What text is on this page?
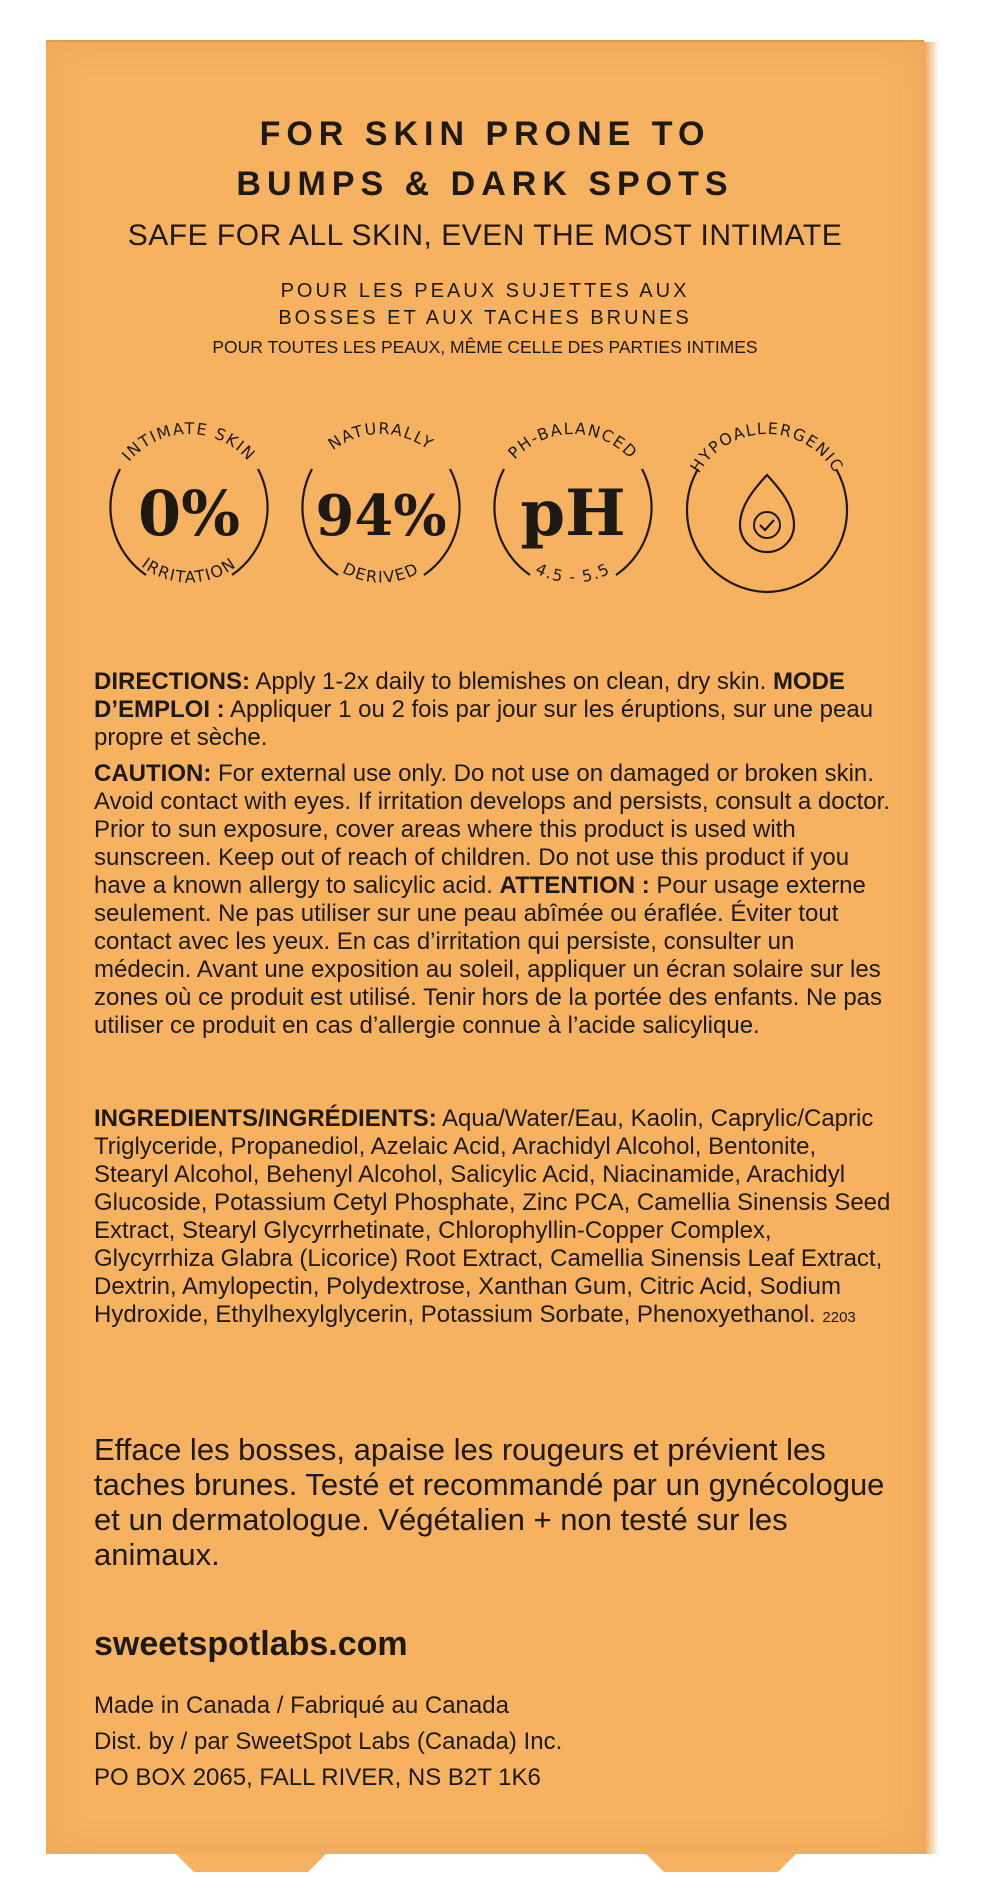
FOR SKIN PRONE TO
BUMPS & DARK SPOTS
SAFE FOR ALL SKIN, EVEN THE MOST INTIMATE
POUR LES PEAUX SUJETTES AUX
BOSSES ET AUX TACHES BRUNES
POUR TOUTES LES PEAUX, MÊME CELLE DES PARTIES INTIMES
INTIMATE SKIN
0%
IRRITATION
NATURALLY
94%
DERIVED
PH-BALANCED
pH
4.5 - 5.5
HYPOALLERGENIC
DIRECTIONS: Apply 1-2x daily to blemishes on clean, dry skin. MODE D’EMPLOI : Appliquer 1 ou 2 fois par jour sur les éruptions, sur une peau propre et sèche.
CAUTION: For external use only. Do not use on damaged or broken skin. Avoid contact with eyes. If irritation develops and persists, consult a doctor. Prior to sun exposure, cover areas where this product is used with sunscreen. Keep out of reach of children. Do not use this product if you have a known allergy to salicylic acid. ATTENTION : Pour usage externe seulement. Ne pas utiliser sur une peau abîmée ou éraflée. Éviter tout contact avec les yeux. En cas d’irritation qui persiste, consulter un médecin. Avant une exposition au soleil, appliquer un écran solaire sur les zones où ce produit est utilisé. Tenir hors de la portée des enfants. Ne pas utiliser ce produit en cas d’allergie connue à l’acide salicylique.
INGREDIENTS/INGRÉDIENTS: Aqua/Water/Eau, Kaolin, Caprylic/Capric Triglyceride, Propanediol, Azelaic Acid, Arachidyl Alcohol, Bentonite, Stearyl Alcohol, Behenyl Alcohol, Salicylic Acid, Niacinamide, Arachidyl Glucoside, Potassium Cetyl Phosphate, Zinc PCA, Camellia Sinensis Seed Extract, Stearyl Glycyrrhetinate, Chlorophyllin-Copper Complex, Glycyrrhiza Glabra (Licorice) Root Extract, Camellia Sinensis Leaf Extract, Dextrin, Amylopectin, Polydextrose, Xanthan Gum, Citric Acid, Sodium Hydroxide, Ethylhexylglycerin, Potassium Sorbate, Phenoxyethanol. 2203
Efface les bosses, apaise les rougeurs et prévient les taches brunes. Testé et recommandé par un gynécologue et un dermatologue. Végétalien + non testé sur les animaux.
sweetspotlabs.com
Made in Canada / Fabriqué au Canada
Dist. by / par SweetSpot Labs (Canada) Inc.
PO BOX 2065, FALL RIVER, NS B2T 1K6
